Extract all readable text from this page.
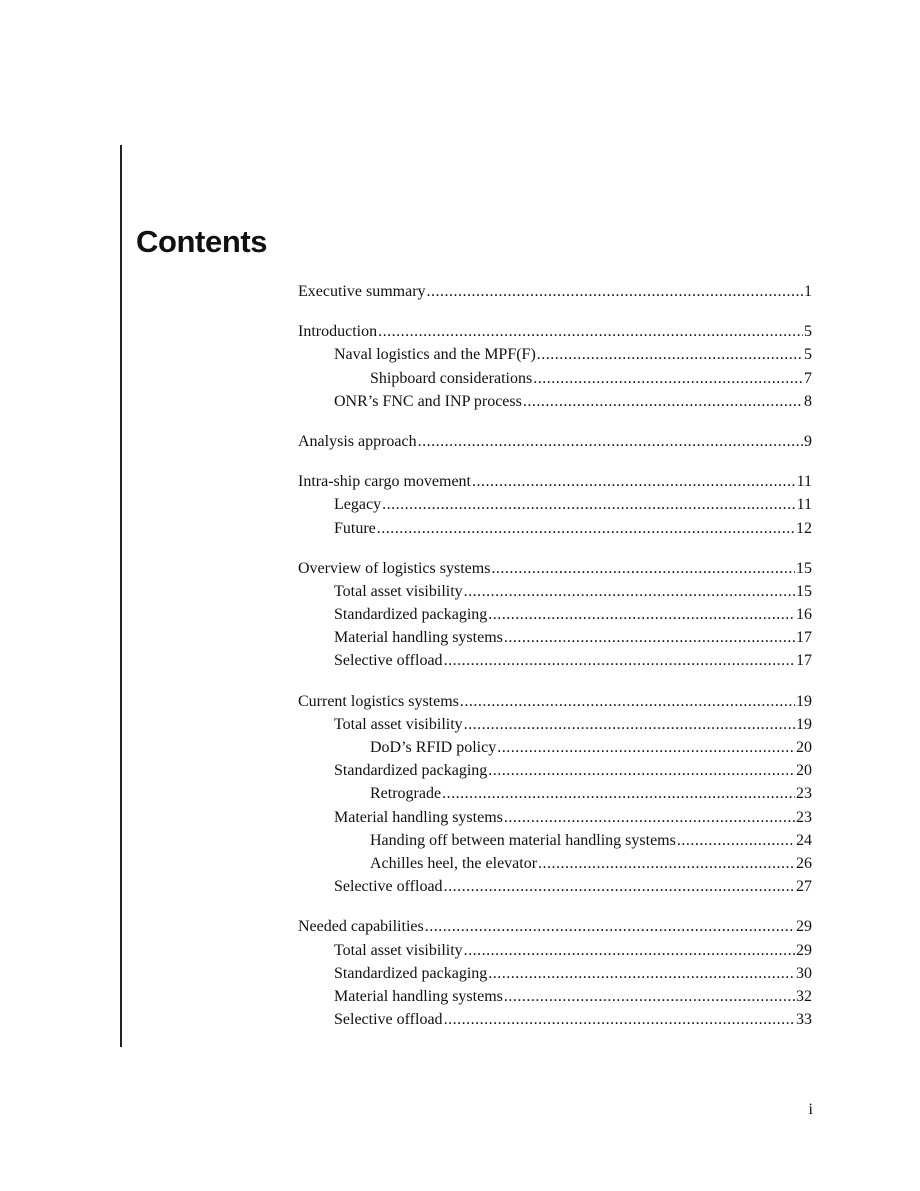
Contents
Executive summary .....	1
Introduction .....	5
Naval logistics and the MPF(F) .....	5
Shipboard considerations .....	7
ONR’s FNC and INP process .....	8
Analysis approach .....	9
Intra-ship cargo movement .....	11
Legacy .....	11
Future .....	12
Overview of logistics systems .....	15
Total asset visibility .....	15
Standardized packaging .....	16
Material handling systems .....	17
Selective offload .....	17
Current logistics systems .....	19
Total asset visibility .....	19
DoD’s RFID policy .....	20
Standardized packaging .....	20
Retrograde .....	23
Material handling systems .....	23
Handing off between material handling systems .....	24
Achilles heel, the elevator .....	26
Selective offload .....	27
Needed capabilities .....	29
Total asset visibility .....	29
Standardized packaging .....	30
Material handling systems .....	32
Selective offload .....	33
i
